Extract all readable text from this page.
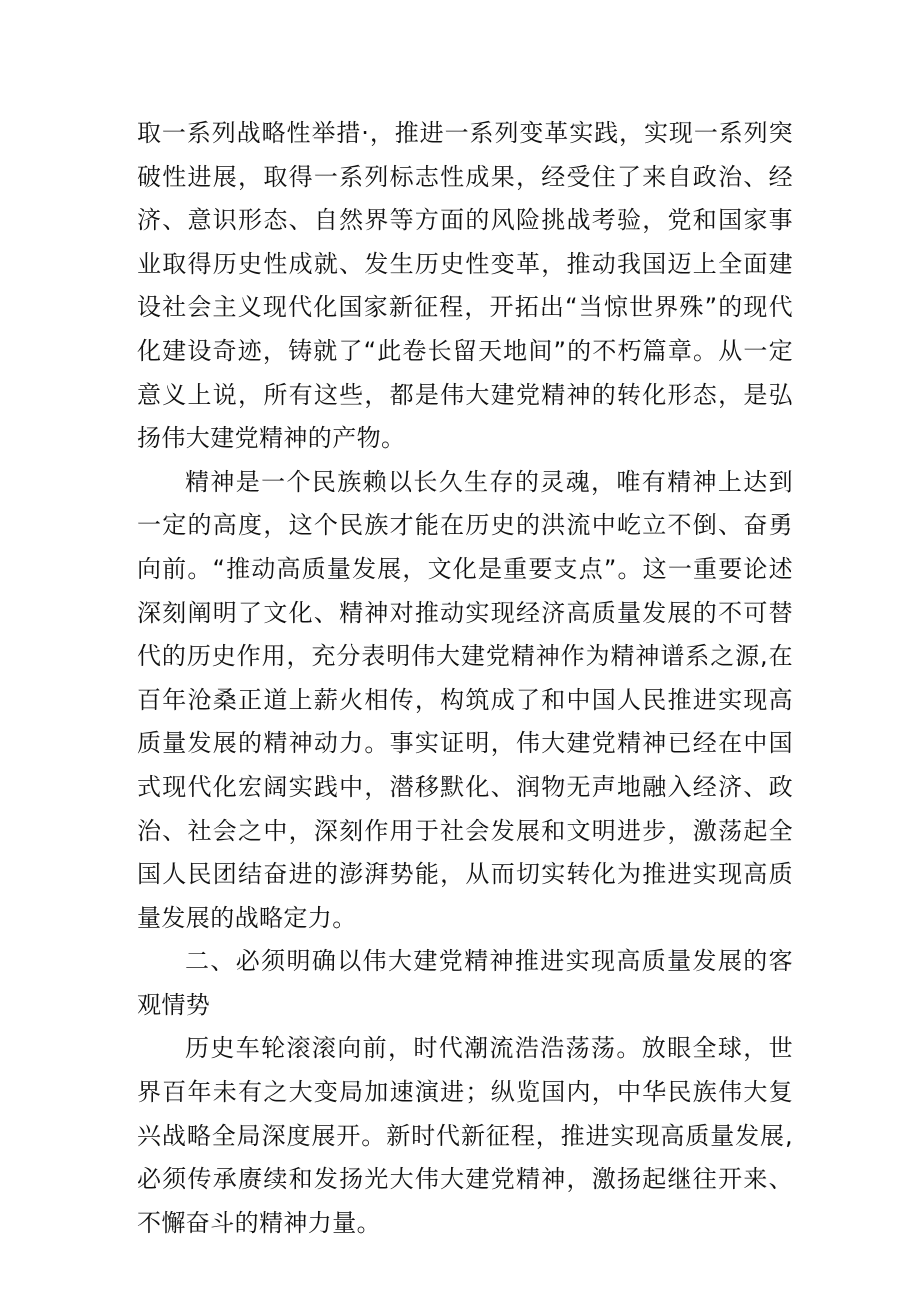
取一系列战略性举措·，推进一系列变革实践，实现一系列突破性进展，取得一系列标志性成果，经受住了来自政治、经济、意识形态、自然界等方面的风险挑战考验，党和国家事业取得历史性成就、发生历史性变革，推动我国迈上全面建设社会主义现代化国家新征程，开拓出“当惊世界殊”的现代化建设奇迹，铸就了“此卷长留天地间”的不朽篇章。从一定意义上说，所有这些，都是伟大建党精神的转化形态，是弘扬伟大建党精神的产物。

精神是一个民族赖以长久生存的灵魂，唯有精神上达到一定的高度，这个民族才能在历史的洪流中屹立不倒、奋勇向前。“推动高质量发展，文化是重要支点”。这一重要论述深刻阐明了文化、精神对推动实现经济高质量发展的不可替代的历史作用，充分表明伟大建党精神作为精神谱系之源,在百年沧桑正道上薪火相传，构筑成了和中国人民推进实现高质量发展的精神动力。事实证明，伟大建党精神已经在中国式现代化宏阔实践中，潜移默化、润物无声地融入经济、政治、社会之中，深刻作用于社会发展和文明进步，激荡起全国人民团结奋进的澎湃势能，从而切实转化为推进实现高质量发展的战略定力。

二、必须明确以伟大建党精神推进实现高质量发展的客观情势

历史车轮滚滚向前，时代潮流浩浩荡荡。放眼全球，世界百年未有之大变局加速演进；纵览国内，中华民族伟大复兴战略全局深度展开。新时代新征程，推进实现高质量发展,必须传承赓续和发扬光大伟大建党精神，激扬起继往开来、不懈奋斗的精神力量。
